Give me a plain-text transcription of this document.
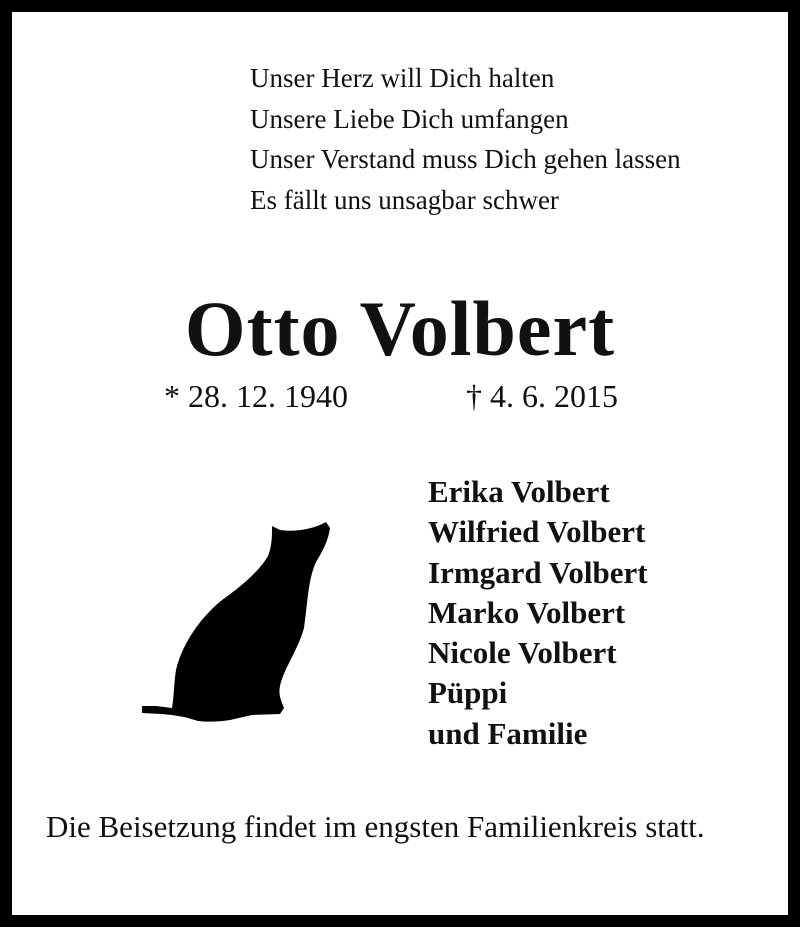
Unser Herz will Dich halten
Unsere Liebe Dich umfangen
Unser Verstand muss Dich gehen lassen
Es fällt uns unsagbar schwer
Otto Volbert
* 28. 12. 1940	† 4. 6. 2015
Erika Volbert
Wilfried Volbert
Irmgard Volbert
Marko Volbert
Nicole Volbert
Püppi
und Familie
Die Beisetzung findet im engsten Familienkreis statt.
